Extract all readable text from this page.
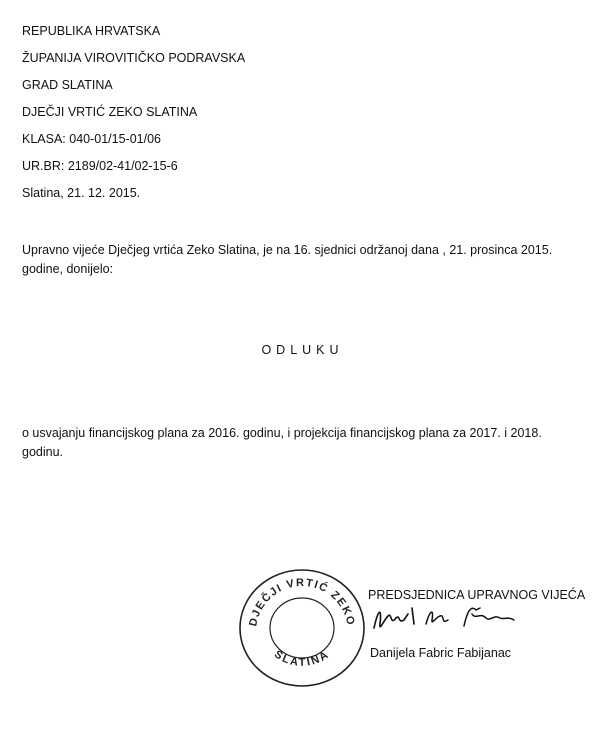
REPUBLIKA HRVATSKA
ŽUPANIJA VIROVITIČKO PODRAVSKA
GRAD SLATINA
DJEČJI VRTIĆ ZEKO SLATINA
KLASA: 040-01/15-01/06
UR.BR: 2189/02-41/02-15-6
Slatina, 21. 12. 2015.
Upravno vijeće Dječjeg vrtića Zeko Slatina, je na 16. sjednici održanoj dana , 21. prosinca 2015. godine, donijelo:
ODLUKU
o usvajanju financijskog plana za 2016. godinu, i projekcija financijskog plana za 2017. i 2018. godinu.
DJEČJI VRTIĆ ZEKO
SLATINA
PREDSJEDNICA UPRAVNOG VIJEĆA
Danijela Fabric Fabijanac
